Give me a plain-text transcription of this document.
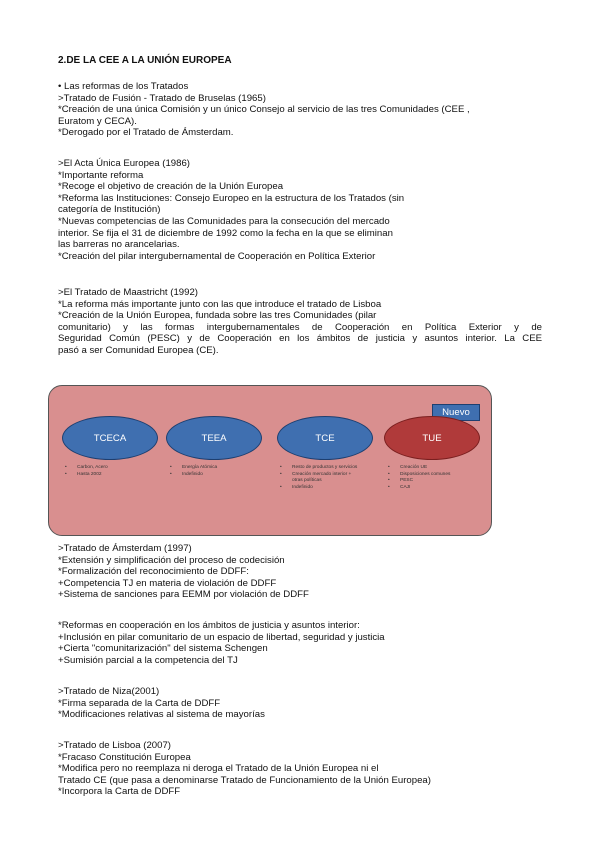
2.DE LA CEE A LA UNIÓN EUROPEA
• Las reformas de los Tratados
>Tratado de Fusión - Tratado de Bruselas (1965)
*Creación de una única Comisión y un único Consejo al servicio de las tres Comunidades (CEE ,
Euratom y CECA).
*Derogado por el Tratado de Ámsterdam.
>El Acta Única Europea (1986)
*Importante reforma
*Recoge el objetivo de creación de la Unión Europea
*Reforma las Instituciones: Consejo Europeo en la estructura de los Tratados (sin
categoría de Institución)
*Nuevas competencias de las Comunidades para la consecución del mercado
interior. Se fija el 31 de diciembre de 1992 como la fecha en la que se eliminan
las barreras no arancelarias.
*Creación del pilar intergubernamental de Cooperación en Política Exterior
>El Tratado de Maastricht (1992)
*La reforma más importante junto con las que introduce el tratado de Lisboa
*Creación de la Unión Europea, fundada sobre las tres Comunidades (pilar
comunitario) y las formas intergubernamentales de Cooperación en Política Exterior y de
Seguridad Común (PESC) y de Cooperación en los ámbitos de justicia y asuntos interior. La CEE
pasó a ser Comunidad Europea (CE).
Nuevo
TCECA	TEEA	TCE	TUE
• Carbon, Acero
• Hasta 2002
• Energía Atómica
• Indefinido
• Resto de productos y servicios
• Creación mercado interior + otras políticas
• Indefinido
• Creación UE
• Disposiciones comunes
• PESC
• CAJI
>Tratado de Ámsterdam (1997)
*Extensión y simplificación del proceso de codecisión
*Formalización del reconocimiento de DDFF:
+Competencia TJ en materia de violación de DDFF
+Sistema de sanciones para EEMM por violación de DDFF
*Reformas en cooperación en los ámbitos de justicia y asuntos interior:
+Inclusión en pilar comunitario de un espacio de libertad, seguridad y justicia
+Cierta "comunitarización" del sistema Schengen
+Sumisión parcial a la competencia del TJ
>Tratado de Niza(2001)
*Firma separada de la Carta de DDFF
*Modificaciones relativas al sistema de mayorías
>Tratado de Lisboa (2007)
*Fracaso Constitución Europea
*Modifica pero no reemplaza ni deroga el Tratado de la Unión Europea ni el
Tratado CE (que pasa a denominarse Tratado de Funcionamiento de la Unión Europea)
*Incorpora la Carta de DDFF
